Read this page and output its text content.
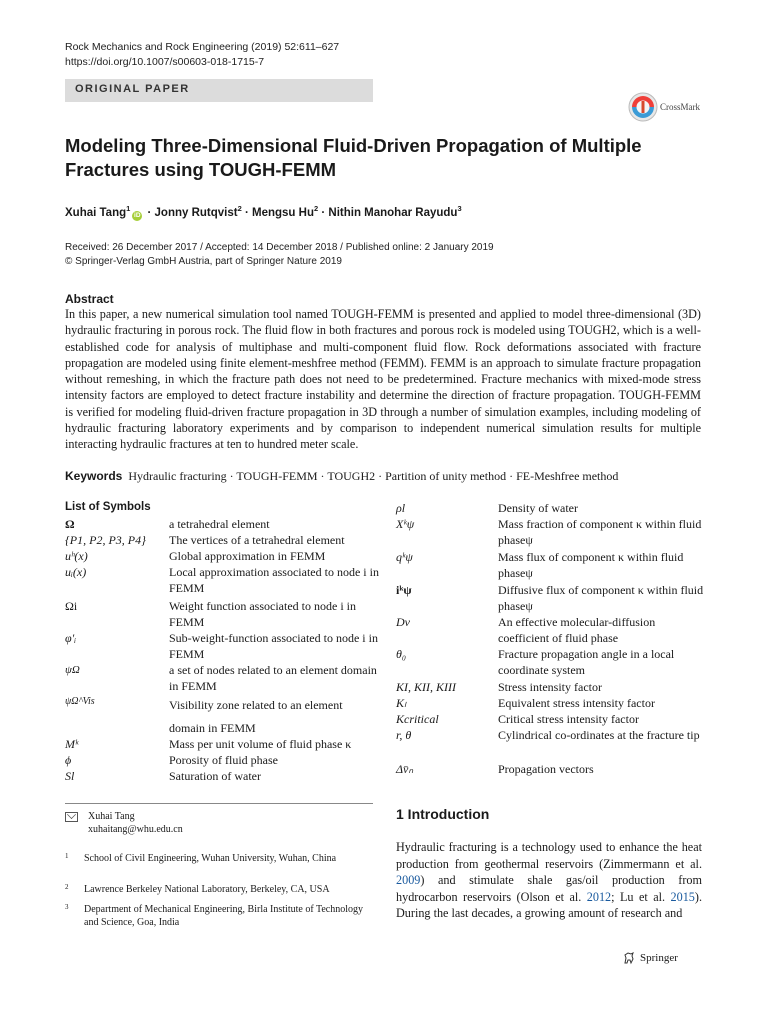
Rock Mechanics and Rock Engineering (2019) 52:611–627
https://doi.org/10.1007/s00603-018-1715-7
ORIGINAL PAPER
CrossMark
Modeling Three-Dimensional Fluid-Driven Propagation of Multiple Fractures using TOUGH-FEMM
Xuhai Tang$^1$iD · Jonny Rutqvist$^2$ · Mengsu $Hu^2$ · Nithin Manohar Rayudu$^3$
Received: 26 December 2017 / Accepted: 14 December 2018 / Published online: 2 January 2019
© Springer-Verlag GmbH Austria, part of Springer Nature 2019
Abstract
In this paper, a new numerical simulation tool named TOUGH-FEMM is presented and applied to model three-dimensional (3D) hydraulic fracturing in porous rock. The fluid flow in both fractures and porous rock is modeled using TOUGH2, which is a well-established code for analysis of multiphase and multi-component fluid flow. Rock deformations associated with fracture propagation are modeled using finite element-meshfree method (FEMM). FEMM is an approach to simulate fracture propagation without remeshing, in which the fracture path does not need to be predetermined. Fracture mechanics with mixed-mode stress intensity factors are employed to detect fracture instability and determine the direction of fracture propagation. TOUGH-FEMM is verified for modeling fluid-driven fracture propagation in 3D through a number of simulation examples, including modeling of hydraulic fracturing laboratory experiments and by comparison to independent numerical simulation results for multiple interacting hydraulic fractures at ten to hundred meter scale.
Keywords Hydraulic fracturing · TOUGH-FEMM · TOUGH2 · Partition of unity method · FE-Meshfree method
List of Symbols
Ω	a tetrahedral element
{P1, P2, P3, P4} The vertices of a tetrahedral element
uʰ(x)	Global approximation in FEMM
uᵢ(x)	Local approximation associated to node i in FEMM
Ωi	Weight function associated to node i in FEMM
φ′ᵢ	Sub-weight-function associated to node i in FEMM
ψΩ	a set of nodes related to an element domain in FEMM
ψΩ^Vis	Visibility zone related to an element domain in FEMM
Mᵏ	Mass per unit volume of fluid phase κ
ϕ	Porosity of fluid phase
Sl	Saturation of water
ρl	Density of water
Xᵏψ	Mass fraction of component κ within fluid phaseψ
qᵏψ	Mass flux of component κ within fluid phaseψ
iᵏψ	Diffusive flux of component κ within fluid phaseψ
Dv	An effective molecular-diffusion coefficient of fluid phase
θ₀	Fracture propagation angle in a local coordinate system
KI, KII, KIII	Stress intensity factor
Kₗ	Equivalent stress intensity factor
Kcritical	Critical stress intensity factor
r, θ	Cylindrical co-ordinates at the fracture tip
Δv̄ₙ	Propagation vectors
Xuhai Tang
xuhaitang@whu.edu.cn
1 School of Civil Engineering, Wuhan University, Wuhan, China
2 Lawrence Berkeley National Laboratory, Berkeley, CA, USA
3 Department of Mechanical Engineering, Birla Institute of Technology and Science, Goa, India
1 Introduction
Hydraulic fracturing is a technology used to enhance the heat production from geothermal reservoirs (Zimmermann et al. 2009) and stimulate shale gas/oil production from hydrocarbon reservoirs (Olson et al. 2012; Lu et al. 2015). During the last decades, a growing amount of research and
Springer
